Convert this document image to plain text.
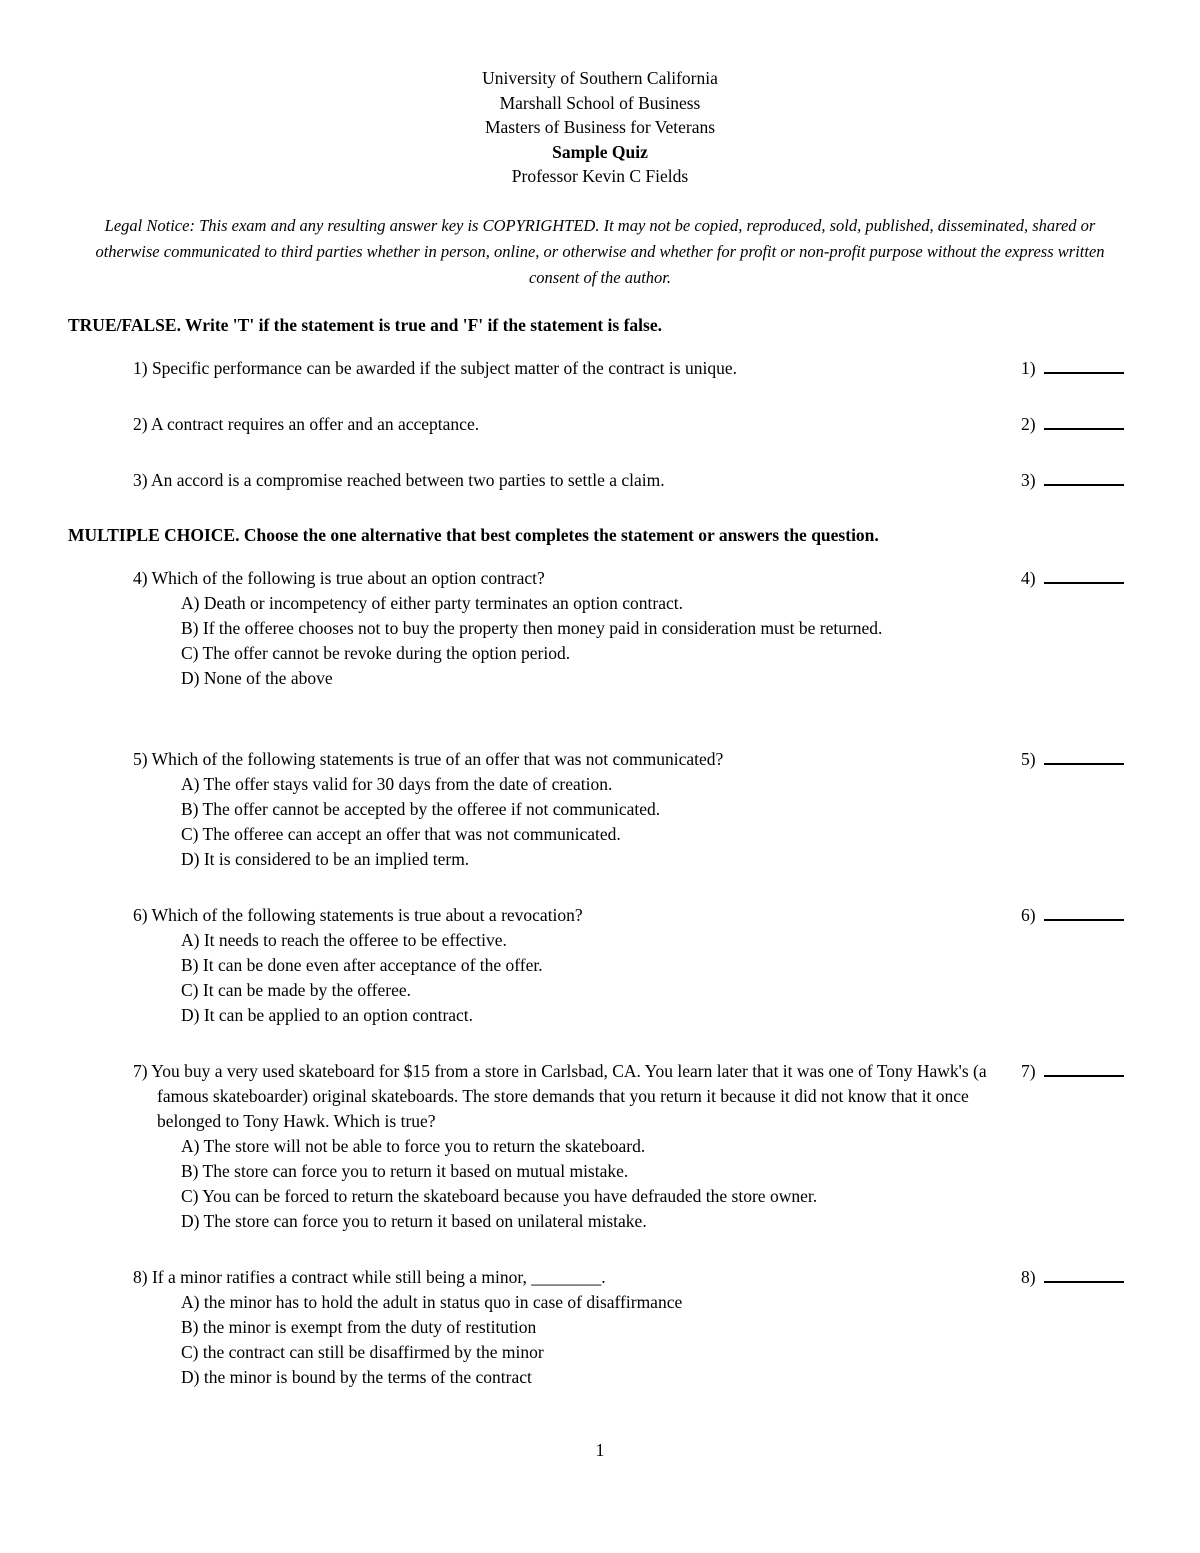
University of Southern California
Marshall School of Business
Masters of Business for Veterans
Sample Quiz
Professor Kevin C Fields
Legal Notice: This exam and any resulting answer key is COPYRIGHTED. It may not be copied, reproduced, sold, published, disseminated, shared or otherwise communicated to third parties whether in person, online, or otherwise and whether for profit or non-profit purpose without the express written consent of the author.
TRUE/FALSE. Write 'T' if the statement is true and 'F' if the statement is false.
1) Specific performance can be awarded if the subject matter of the contract is unique.	1)
2) A contract requires an offer and an acceptance.	2)
3) An accord is a compromise reached between two parties to settle a claim.	3)
MULTIPLE CHOICE. Choose the one alternative that best completes the statement or answers the question.
4) Which of the following is true about an option contract?
A) Death or incompetency of either party terminates an option contract.
B) If the offeree chooses not to buy the property then money paid in consideration must be returned.
C) The offer cannot be revoke during the option period.
D) None of the above
4)
5) Which of the following statements is true of an offer that was not communicated?
A) The offer stays valid for 30 days from the date of creation.
B) The offer cannot be accepted by the offeree if not communicated.
C) The offeree can accept an offer that was not communicated.
D) It is considered to be an implied term.
5)
6) Which of the following statements is true about a revocation?
A) It needs to reach the offeree to be effective.
B) It can be done even after acceptance of the offer.
C) It can be made by the offeree.
D) It can be applied to an option contract.
6)
7) You buy a very used skateboard for $15 from a store in Carlsbad, CA. You learn later that it was one of Tony Hawk's (a famous skateboarder) original skateboards. The store demands that you return it because it did not know that it once belonged to Tony Hawk. Which is true?
A) The store will not be able to force you to return the skateboard.
B) The store can force you to return it based on mutual mistake.
C) You can be forced to return the skateboard because you have defrauded the store owner.
D) The store can force you to return it based on unilateral mistake.
7)
8) If a minor ratifies a contract while still being a minor, ________.
A) the minor has to hold the adult in status quo in case of disaffirmance
B) the minor is exempt from the duty of restitution
C) the contract can still be disaffirmed by the minor
D) the minor is bound by the terms of the contract
8)
1
